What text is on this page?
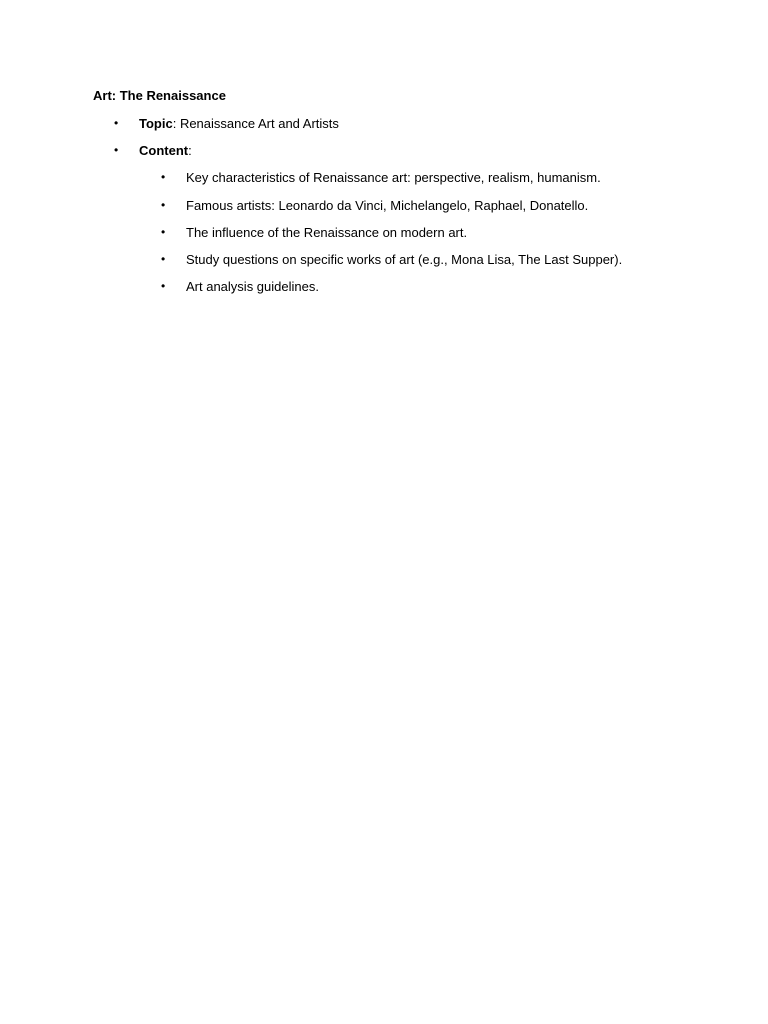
Art: The Renaissance
• Topic: Renaissance Art and Artists
• Content:
• Key characteristics of Renaissance art: perspective, realism, humanism.
• Famous artists: Leonardo da Vinci, Michelangelo, Raphael, Donatello.
• The influence of the Renaissance on modern art.
• Study questions on specific works of art (e.g., Mona Lisa, The Last Supper).
• Art analysis guidelines.
